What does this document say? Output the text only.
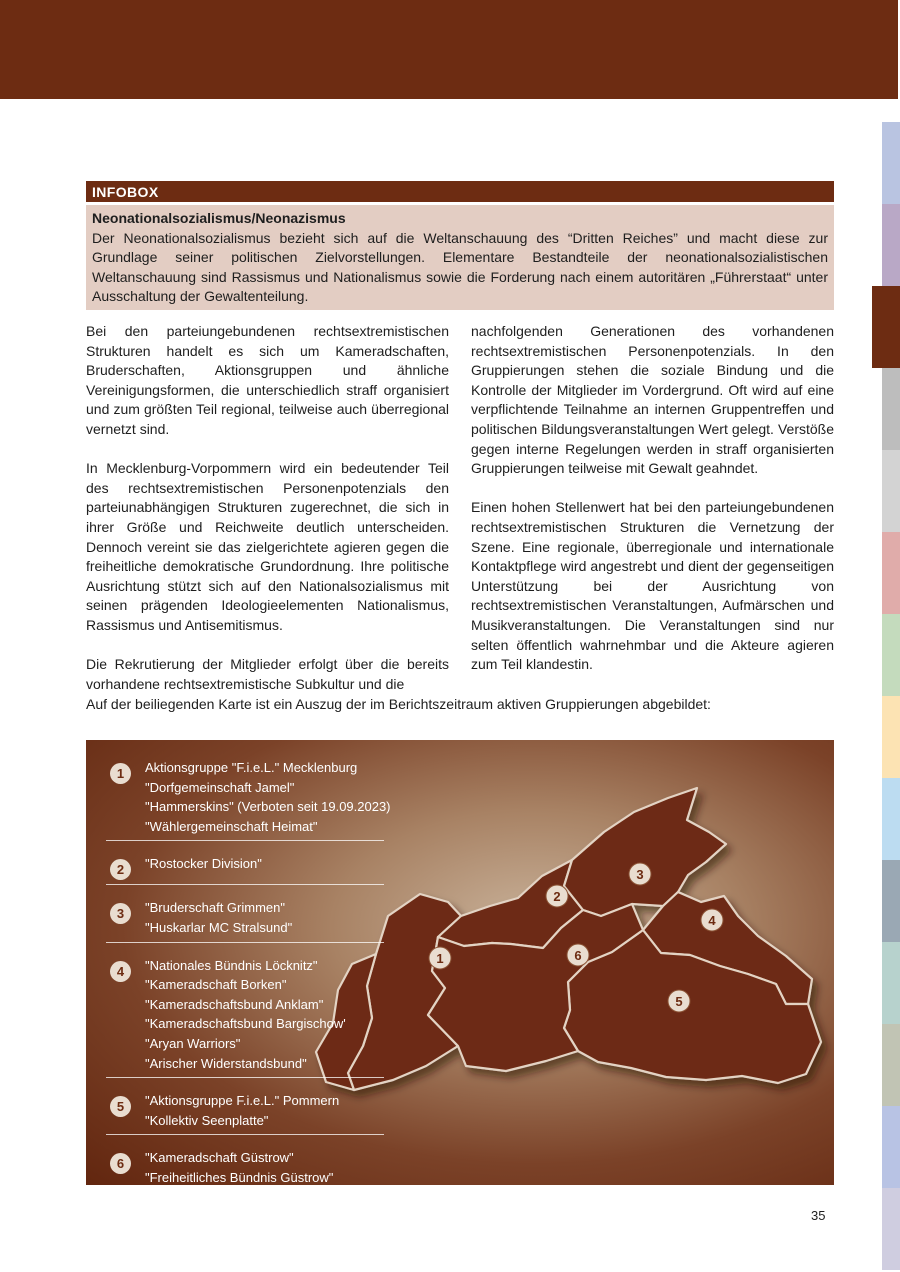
INFOBOX
Neonationalsozialismus/Neonazismus
Der Neonationalsozialismus bezieht sich auf die Weltanschauung des “Dritten Reiches” und macht diese zur Grundlage seiner politischen Zielvorstellungen. Elementare Bestandteile der neonationalsozialistischen Weltanschauung sind Rassismus und Nationalismus sowie die Forderung nach einem autoritären „Führerstaat“ unter Ausschaltung der Gewaltenteilung.

Bei den parteiungebundenen rechtsextremistischen Strukturen handelt es sich um Kameradschaften, Bruderschaften, Aktionsgruppen und ähnliche Vereinigungsformen, die unterschiedlich straff organisiert und zum größten Teil regional, teilweise auch überregional vernetzt sind.

In Mecklenburg-Vorpommern wird ein bedeutender Teil des rechtsextremistischen Personenpotenzials den parteiunabhängigen Strukturen zugerechnet, die sich in ihrer Größe und Reichweite deutlich unterscheiden. Dennoch vereint sie das zielgerichtete agieren gegen die freiheitliche demokratische Grundordnung. Ihre politische Ausrichtung stützt sich auf den Nationalsozialismus mit seinen prägenden Ideologieelementen Nationalismus, Rassismus und Antisemitismus.

Die Rekrutierung der Mitglieder erfolgt über die bereits vorhandene rechtsextremistische Subkultur und die

nachfolgenden Generationen des vorhandenen rechtsextremistischen Personenpotenzials. In den Gruppierungen stehen die soziale Bindung und die Kontrolle der Mitglieder im Vordergrund. Oft wird auf eine verpflichtende Teilnahme an internen Gruppentreffen und politischen Bildungsveranstaltungen Wert gelegt. Verstöße gegen interne Regelungen werden in straff organisierten Gruppierungen teilweise mit Gewalt geahndet.

Einen hohen Stellenwert hat bei den parteiungebundenen rechtsextremistischen Strukturen die Vernetzung der Szene. Eine regionale, überregionale und internationale Kontaktpflege wird angestrebt und dient der gegenseitigen Unterstützung bei der Ausrichtung von rechtsextremistischen Veranstaltungen, Aufmärschen und Musikveranstaltungen. Die Veranstaltungen sind nur selten öffentlich wahrnehmbar und die Akteure agieren zum Teil klandestin.

Auf der beiliegenden Karte ist ein Auszug der im Berichtszeitraum aktiven Gruppierungen abgebildet:
1
2
3
4
5
6
1	Aktionsgruppe "F.i.e.L." Mecklenburg
"Dorfgemeinschaft Jamel"
"Hammerskins" (Verboten seit 19.09.2023)
"Wählergemeinschaft Heimat"
2	"Rostocker Division"
3	"Bruderschaft Grimmen"
"Huskarlar MC Stralsund"
4	"Nationales Bündnis Löcknitz"
"Kameradschaft Borken"
"Kameradschaftsbund Anklam"
"Kameradschaftsbund Bargischow'
"Aryan Warriors"
"Arischer Widerstandsbund"
5	"Aktionsgruppe F.i.e.L." Pommern
"Kollektiv Seenplatte"
6	"Kameradschaft Güstrow"
"Freiheitliches Bündnis Güstrow"
35
